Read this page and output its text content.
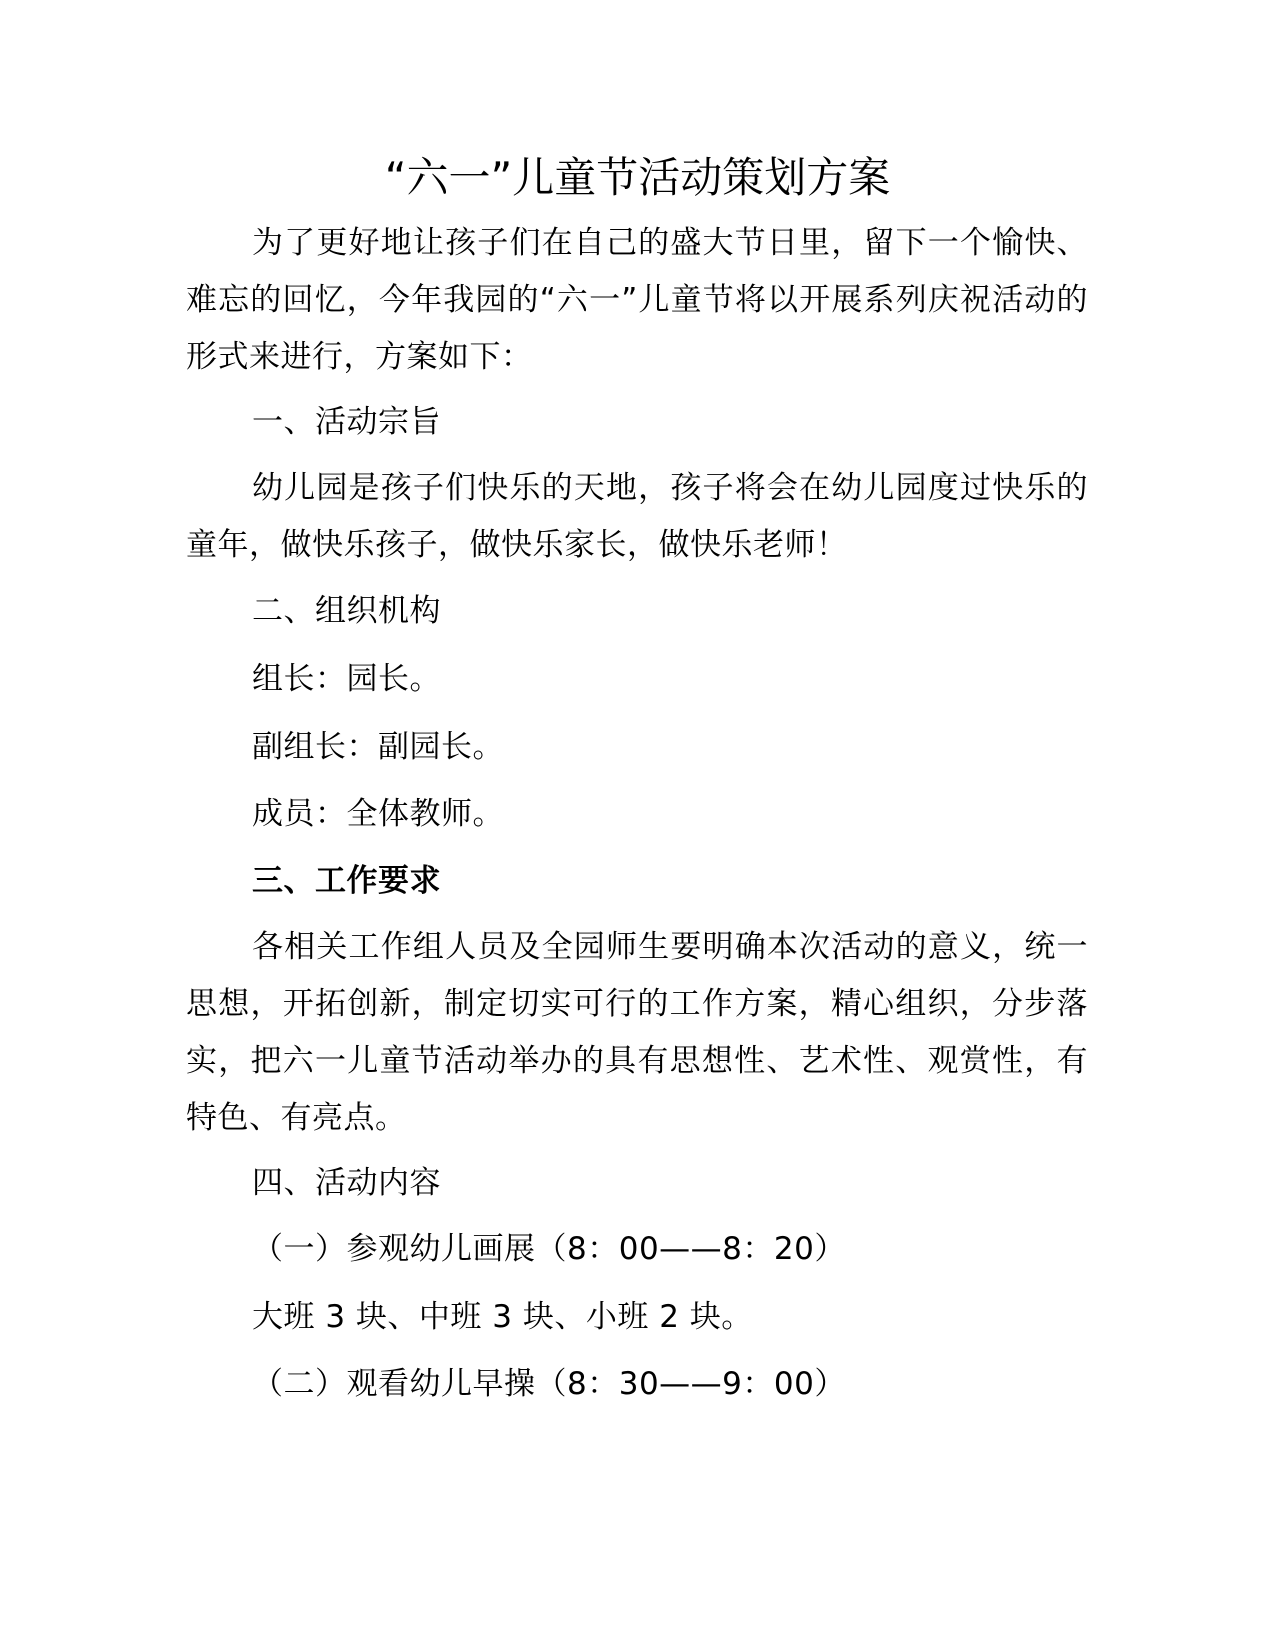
“六一”儿童节活动策划方案
为了更好地让孩子们在自己的盛大节日里，留下一个愉快、难忘的回忆，今年我园的“六一”儿童节将以开展系列庆祝活动的形式来进行，方案如下：
一、活动宗旨
幼儿园是孩子们快乐的天地，孩子将会在幼儿园度过快乐的童年，做快乐孩子，做快乐家长，做快乐老师！
二、组织机构
组长：园长。
副组长：副园长。
成员：全体教师。
三、工作要求
各相关工作组人员及全园师生要明确本次活动的意义，统一思想，开拓创新，制定切实可行的工作方案，精心组织，分步落实，把六一儿童节活动举办的具有思想性、艺术性、观赏性，有特色、有亮点。
四、活动内容
（一）参观幼儿画展（8：00——8：20）
大班 3 块、中班 3 块、小班 2 块。
（二）观看幼儿早操（8：30——9：00）
